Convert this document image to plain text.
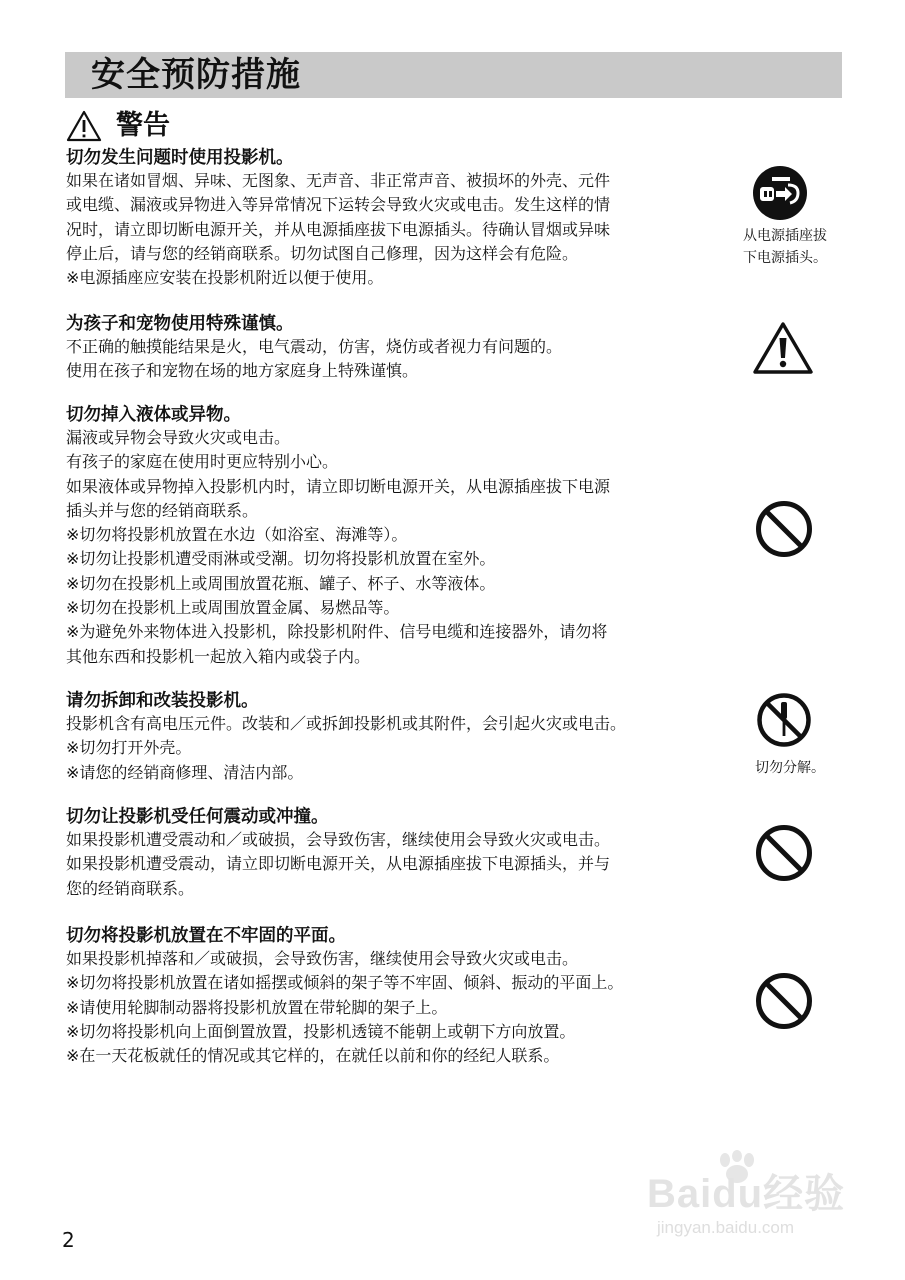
安全预防措施
警告
切勿发生问题时使用投影机。
如果在诸如冒烟、异味、无图象、无声音、非正常声音、被损坏的外壳、元件
或电缆、漏液或异物进入等异常情况下运转会导致火灾或电击。发生这样的情
况时，请立即切断电源开关，并从电源插座拔下电源插头。待确认冒烟或异味
停止后，请与您的经销商联系。切勿试图自己修理，因为这样会有危险。
※电源插座应安装在投影机附近以便于使用。
从电源插座拔
下电源插头。
为孩子和宠物使用特殊谨慎。
不正确的触摸能结果是火，电气震动，仿害，烧仿或者视力有问题的。
使用在孩子和宠物在场的地方家庭身上特殊谨慎。
切勿掉入液体或异物。
漏液或异物会导致火灾或电击。
有孩子的家庭在使用时更应特别小心。
如果液体或异物掉入投影机内时，请立即切断电源开关，从电源插座拔下电源
插头并与您的经销商联系。
※切勿将投影机放置在水边（如浴室、海滩等）。
※切勿让投影机遭受雨淋或受潮。切勿将投影机放置在室外。
※切勿在投影机上或周围放置花瓶、罐子、杯子、水等液体。
※切勿在投影机上或周围放置金属、易燃品等。
※为避免外来物体进入投影机，除投影机附件、信号电缆和连接器外，请勿将
其他东西和投影机一起放入箱内或袋子内。
请勿拆卸和改装投影机。
投影机含有高电压元件。改装和／或拆卸投影机或其附件，会引起火灾或电击。
※切勿打开外壳。
※请您的经销商修理、清洁内部。	切勿分解。
切勿让投影机受任何震动或冲撞。
如果投影机遭受震动和／或破损，会导致伤害，继续使用会导致火灾或电击。
如果投影机遭受震动，请立即切断电源开关，从电源插座拔下电源插头，并与
您的经销商联系。
切勿将投影机放置在不牢固的平面。
如果投影机掉落和／或破损，会导致伤害，继续使用会导致火灾或电击。
※切勿将投影机放置在诸如摇摆或倾斜的架子等不牢固、倾斜、振动的平面上。
※请使用轮脚制动器将投影机放置在带轮脚的架子上。
※切勿将投影机向上面倒置放置，投影机透镜不能朝上或朝下方向放置。
※在一天花板就任的情况或其它样的，在就任以前和你的经纪人联系。
Baidu经验
jingyan.baidu.com
2
